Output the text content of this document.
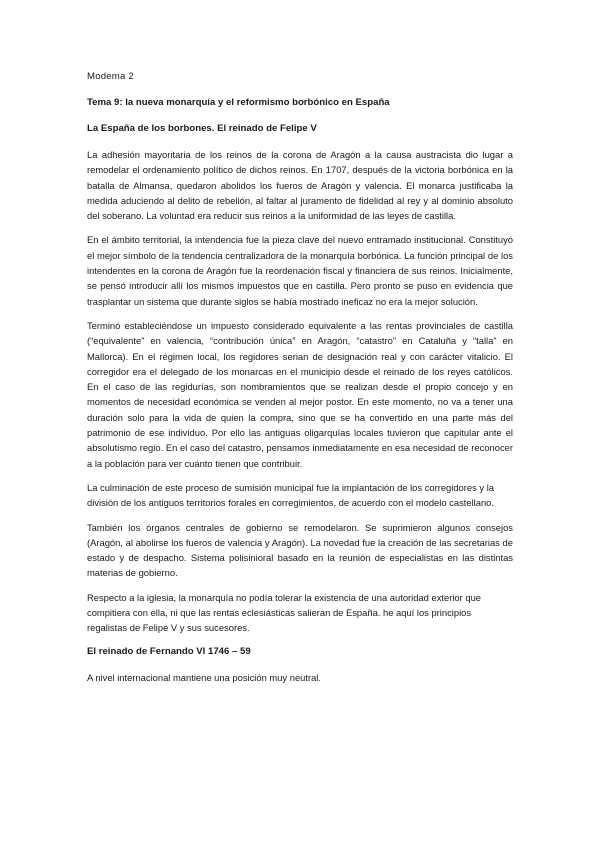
Modema 2
Tema 9: la nueva monarquía y el reformismo borbónico en España
La España de los borbones. El reinado de Felipe V

La adhesión mayoritaria de los reinos de la corona de Aragón a la causa austracista dio lugar a remodelar el ordenamiento político de dichos reinos. En 1707, después de la victoria borbónica en la batalla de Almansa, quedaron abolidos los fueros de Aragón y valencia. El monarca justificaba la medida aduciendo al delito de rebelión, al faltar al juramento de fidelidad al rey y al dominio absoluto del soberano. La voluntad era reducir sus reinos a la uniformidad de las leyes de castilla.

En el ámbito territorial, la intendencia fue la pieza clave del nuevo entramado institucional. Constituyó el mejor símbolo de la tendencia centralizadora de la monarquía borbónica. La función principal de los intendentes en la corona de Aragón fue la reordenación fiscal y financiera de sus reinos. Inicialmente, se pensó introducir allí los mismos impuestos que en castilla. Pero pronto se puso en evidencia que trasplantar un sistema que durante siglos se había mostrado ineficaz no era la mejor solución.

Terminó estableciéndose un impuesto considerado equivalente a las rentas provinciales de castilla (“equivalente” en valencia, “contribución única” en Aragón, “catastro” en Cataluña y “talla” en Mallorca). En el régimen local, los regidores serian de designación real y con carácter vitalicio. El corregidor era el delegado de los monarcas en el municipio desde el reinado de los reyes católicos. En el caso de las regidurías, son nombramientos que se realizan desde el propio concejo y en momentos de necesidad económica se venden al mejor postor. En este momento, no va a tener una duración solo para la vida de quien la compra, sino que se ha convertido en una parte más del patrimonio de ese individuo. Por ello las antiguas oligarquías locales tuvieron que capitular ante el absolutismo regio. En el caso del catastro, pensamos inmediatamente en esa necesidad de reconocer a la población para ver cuánto tienen que contribuir.

La culminación de este proceso de sumisión municipal fue la implantación de los corregidores y la división de los antiguos territorios forales en corregimientos, de acuerdo con el modelo castellano.

También los órganos centrales de gobierno se remodelaron. Se suprimieron algunos consejos (Aragón, al abolirse los fueros de valencia y Aragón). La novedad fue la creación de las secretarias de estado y de despacho. Sistema polisinioral basado en la reunión de especialistas en las distintas materias de gobierno.

Respecto a la iglesia, la monarquía no podía tolerar la existencia de una autoridad exterior que compitiera con ella, ni que las rentas eclesiásticas salieran de España. he aquí los principios regalistas de Felipe V y sus sucesores.

El reinado de Fernando VI 1746 – 59

A nivel internacional mantiene una posición muy neutral.
